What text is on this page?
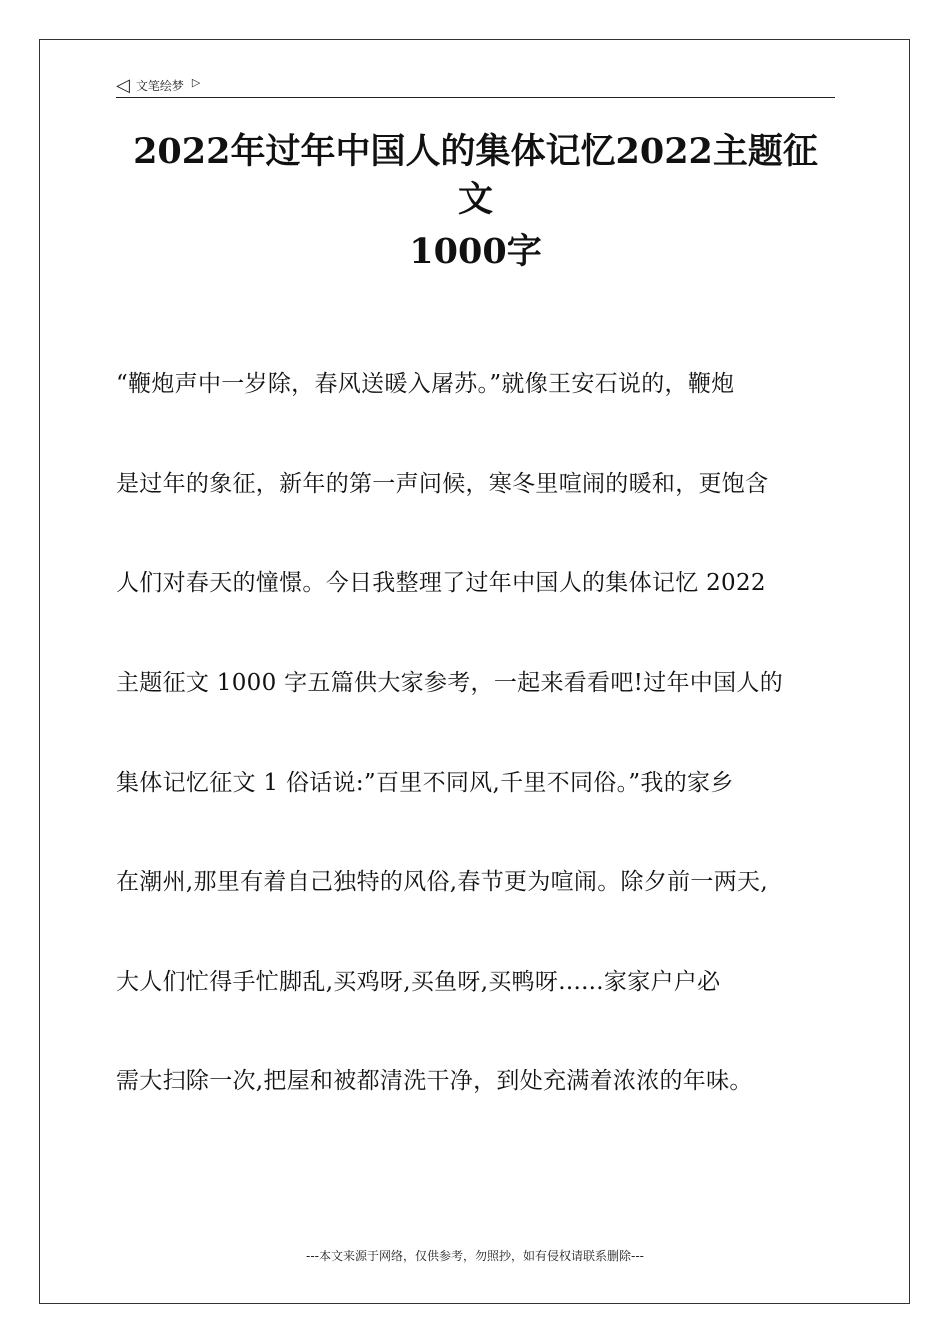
◁ 文笔绘梦 ▷
2022年过年中国人的集体记忆2022主题征文
1000字
“鞭炮声中一岁除，春风送暖入屠苏。”就像王安石说的，鞭炮
是过年的象征，新年的第一声问候，寒冬里喧闹的暖和，更饱含
人们对春天的憧憬。今日我整理了过年中国人的集体记忆 2022
主题征文 1000 字五篇供大家参考，一起来看看吧!过年中国人的
集体记忆征文 1 俗话说:”百里不同风,千里不同俗。”我的家乡
在潮州,那里有着自己独特的风俗,春节更为喧闹。除夕前一两天,
大人们忙得手忙脚乱,买鸡呀,买鱼呀,买鸭呀......家家户户必
需大扫除一次,把屋和被都清洗干净，到处充满着浓浓的年味。
---本文来源于网络，仅供参考，勿照抄，如有侵权请联系删除---
